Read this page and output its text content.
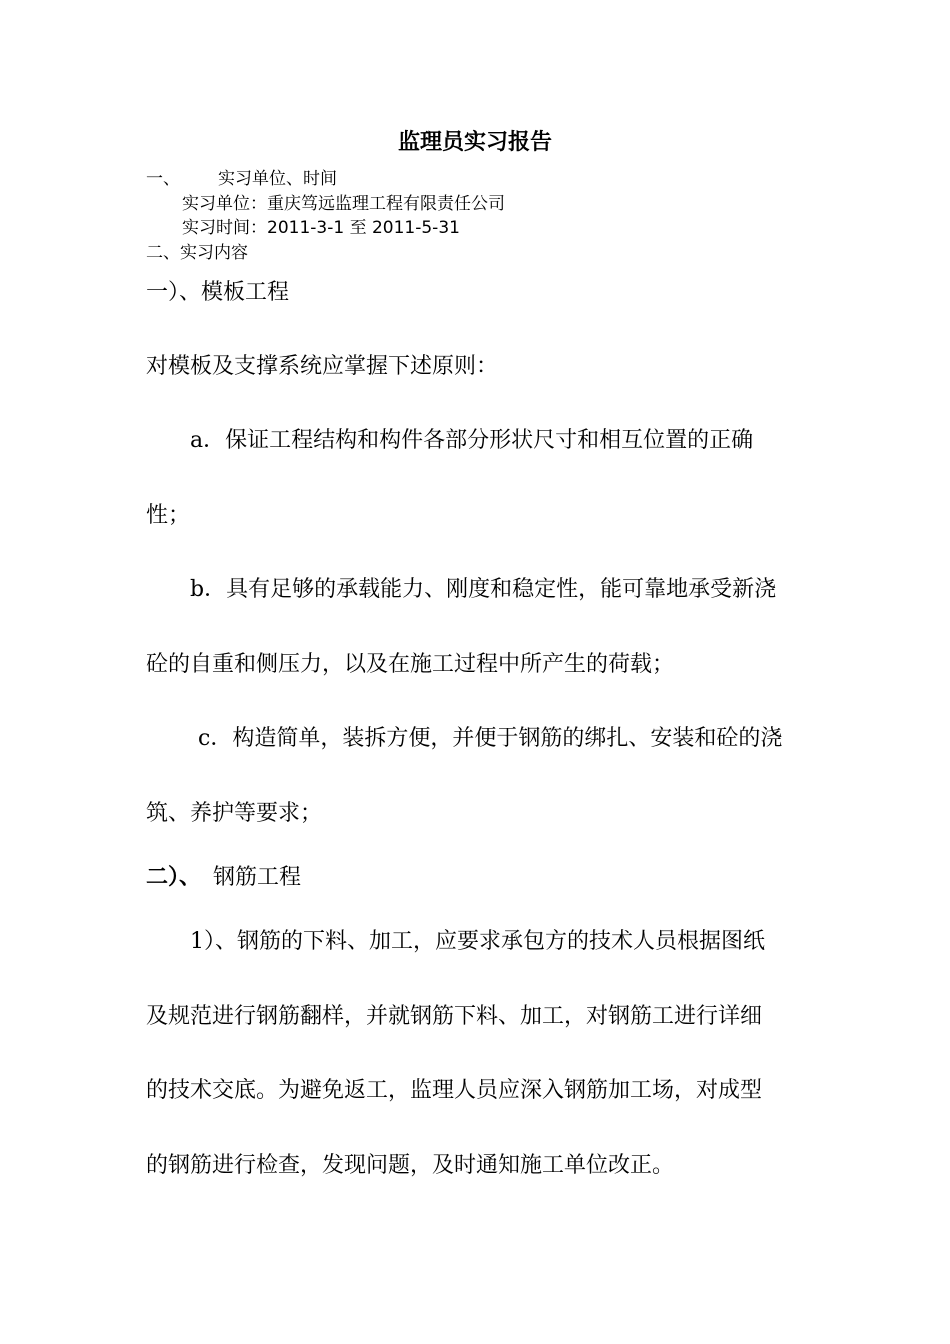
监理员实习报告
一、 实习单位、时间
实习单位：重庆笃远监理工程有限责任公司
实习时间：2011-3-1 至 2011-5-31
二、实习内容
一）、模板工程
对模板及支撑系统应掌握下述原则：
a．保证工程结构和构件各部分形状尺寸和相互位置的正确
性；
b．具有足够的承载能力、刚度和稳定性，能可靠地承受新浇
砼的自重和侧压力，以及在施工过程中所产生的荷载；
c．构造简单，装拆方便，并便于钢筋的绑扎、安装和砼的浇
筑、养护等要求；
二）、 钢筋工程
1）、钢筋的下料、加工，应要求承包方的技术人员根据图纸
及规范进行钢筋翻样，并就钢筋下料、加工，对钢筋工进行详细
的技术交底。为避免返工，监理人员应深入钢筋加工场，对成型
的钢筋进行检查，发现问题，及时通知施工单位改正。
